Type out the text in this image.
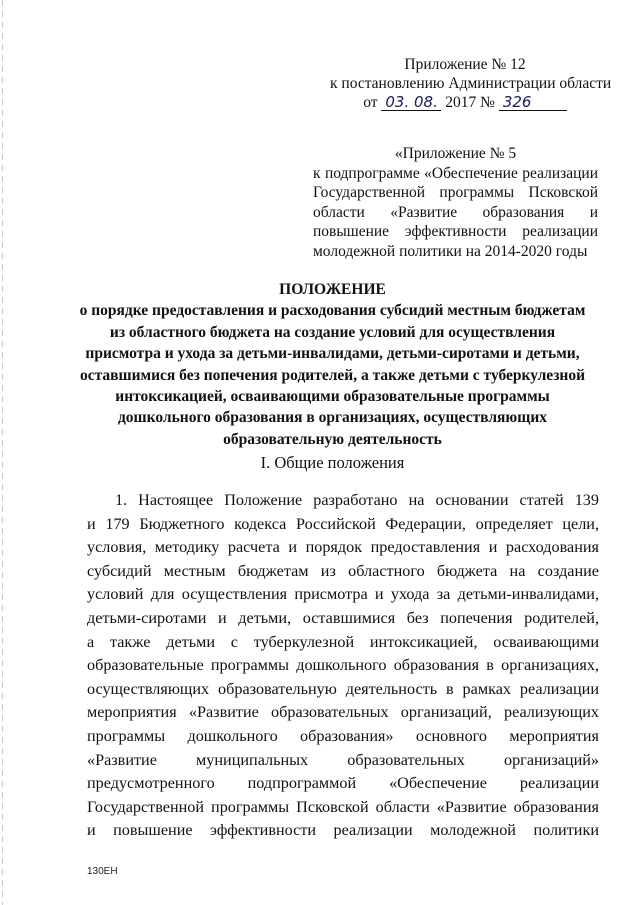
Приложение № 12
к постановлению Администрации области
от 03. 08. 2017 № 326
«Приложение № 5
к подпрограмме «Обеспечение реализации
Государственной программы Псковской
области «Развитие образования и
повышение эффективности реализации
молодежной политики на 2014-2020 годы
ПОЛОЖЕНИЕ
о порядке предоставления и расходования субсидий местным бюджетам
из областного бюджета на создание условий для осуществления
присмотра и ухода за детьми-инвалидами, детьми-сиротами и детьми,
оставшимися без попечения родителей, а также детьми с туберкулезной
интоксикацией, осваивающими образовательные программы
дошкольного образования в организациях, осуществляющих
образовательную деятельность
I. Общие положения
1. Настоящее Положение разработано на основании статей 139
и 179 Бюджетного кодекса Российской Федерации, определяет цели,
условия, методику расчета и порядок предоставления и расходования
субсидий местным бюджетам из областного бюджета на создание
условий для осуществления присмотра и ухода за детьми-инвалидами,
детьми-сиротами и детьми, оставшимися без попечения родителей,
а также детьми с туберкулезной интоксикацией, осваивающими
образовательные программы дошкольного образования в организациях,
осуществляющих образовательную деятельность в рамках реализации
мероприятия «Развитие образовательных организаций, реализующих
программы дошкольного образования» основного мероприятия
«Развитие муниципальных образовательных организаций»
предусмотренного подпрограммой «Обеспечение реализации
Государственной программы Псковской области «Развитие образования
и повышение эффективности реализации молодежной политики
130ЕН
